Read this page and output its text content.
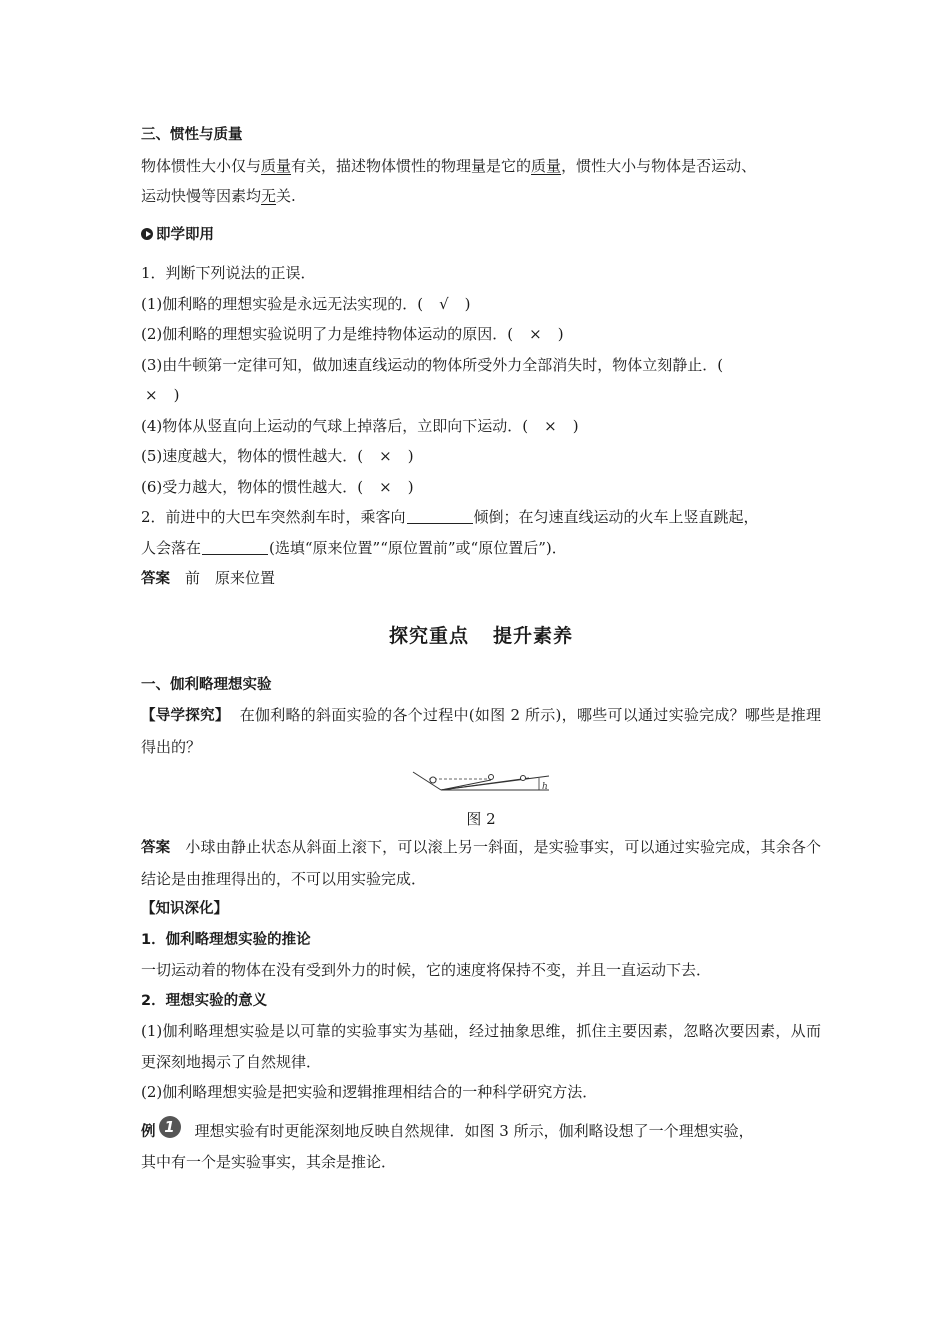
三、惯性与质量
物体惯性大小仅与质量有关，描述物体惯性的物理量是它的质量，惯性大小与物体是否运动、
运动快慢等因素均无关.
即学即用
1．判断下列说法的正误．
(1)伽利略的理想实验是永远无法实现的．( √ )
(2)伽利略的理想实验说明了力是维持物体运动的原因．( × )
(3)由牛顿第一定律可知，做加速直线运动的物体所受外力全部消失时，物体立刻静止．(
× )
(4)物体从竖直向上运动的气球上掉落后，立即向下运动．( × )
(5)速度越大，物体的惯性越大．( × )
(6)受力越大，物体的惯性越大．( × )
2．前进中的大巴车突然刹车时，乘客向	倾倒；在匀速直线运动的火车上竖直跳起，
人会落在	(选填“原来位置”“原位置前”或“原位置后”)．
答案　 前　原来位置
探究重点 提升素养
一、伽利略理想实验
【导学探究】 在伽利略的斜面实验的各个过程中(如图 2 所示)，哪些可以通过实验完成？哪些是推理得出的？
h
图 2
答案　 小球由静止状态从斜面上滚下，可以滚上另一斜面，是实验事实，可以通过实验完成，其余各个结论是由推理得出的，不可以用实验完成．
【知识深化】
1．伽利略理想实验的推论
一切运动着的物体在没有受到外力的时候，它的速度将保持不变，并且一直运动下去．
2．理想实验的意义
(1)伽利略理想实验是以可靠的实验事实为基础，经过抽象思维，抓住主要因素，忽略次要因素，从而更深刻地揭示了自然规律．
(2)伽利略理想实验是把实验和逻辑推理相结合的一种科学研究方法．
例 1 理想实验有时更能深刻地反映自然规律．如图 3 所示，伽利略设想了一个理想实验，
其中有一个是实验事实，其余是推论．
